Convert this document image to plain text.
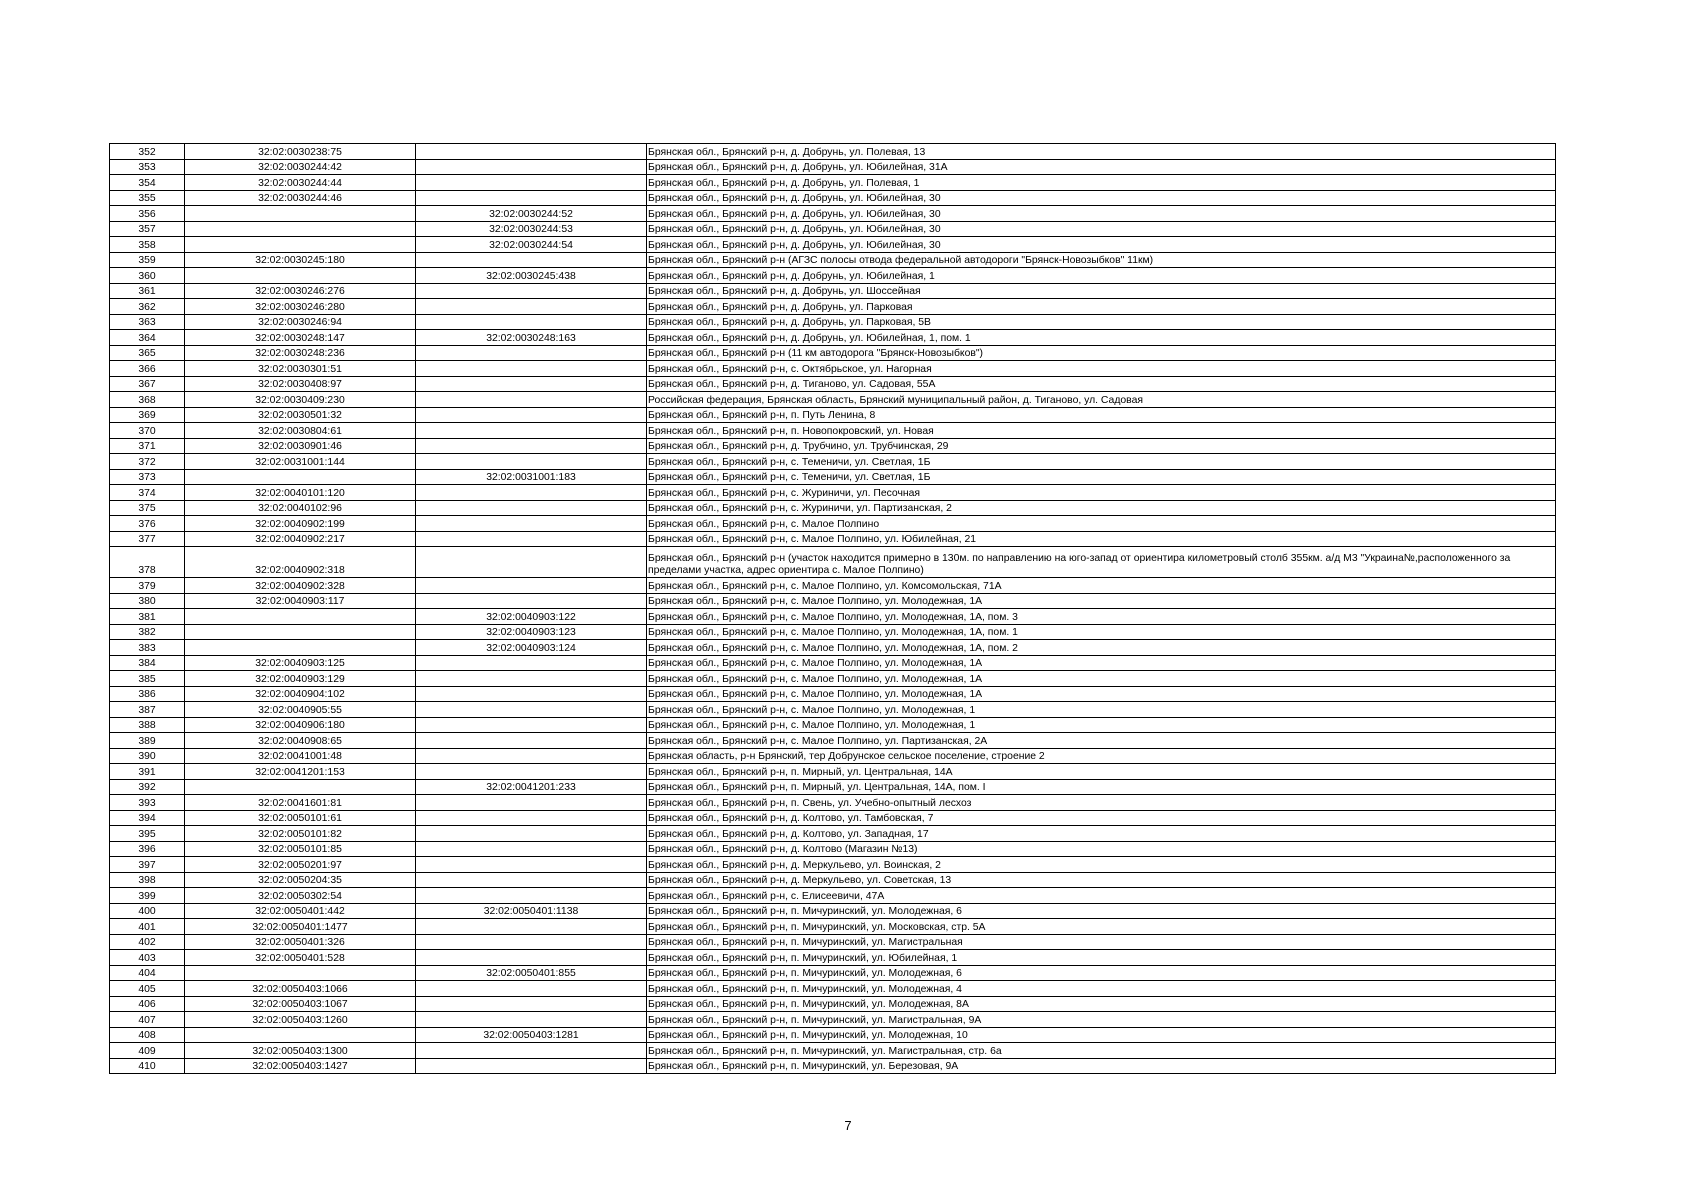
352	32:02:0030238:75		Брянская обл., Брянский р-н, д. Добрунь, ул. Полевая, 13
353	32:02:0030244:42		Брянская обл., Брянский р-н, д. Добрунь, ул. Юбилейная, 31А
354	32:02:0030244:44		Брянская обл., Брянский р-н, д. Добрунь, ул. Полевая, 1
355	32:02:0030244:46		Брянская обл., Брянский р-н, д. Добрунь, ул. Юбилейная, 30
356		32:02:0030244:52	Брянская обл., Брянский р-н, д. Добрунь, ул. Юбилейная, 30
357		32:02:0030244:53	Брянская обл., Брянский р-н, д. Добрунь, ул. Юбилейная, 30
358		32:02:0030244:54	Брянская обл., Брянский р-н, д. Добрунь, ул. Юбилейная, 30
359	32:02:0030245:180		Брянская обл., Брянский р-н (АГЗС полосы отвода федеральной автодороги "Брянск-Новозыбков" 11км)
360		32:02:0030245:438	Брянская обл., Брянский р-н, д. Добрунь, ул. Юбилейная, 1
361	32:02:0030246:276		Брянская обл., Брянский р-н, д. Добрунь, ул. Шоссейная
362	32:02:0030246:280		Брянская обл., Брянский р-н, д. Добрунь, ул. Парковая
363	32:02:0030246:94		Брянская обл., Брянский р-н, д. Добрунь, ул. Парковая, 5В
364	32:02:0030248:147	32:02:0030248:163	Брянская обл., Брянский р-н, д. Добрунь, ул. Юбилейная, 1, пом. 1
365	32:02:0030248:236		Брянская обл., Брянский р-н (11 км автодорога "Брянск-Новозыбков")
366	32:02:0030301:51		Брянская обл., Брянский р-н, с. Октябрьское, ул. Нагорная
367	32:02:0030408:97		Брянская обл., Брянский р-н, д. Тиганово, ул. Садовая, 55А
368	32:02:0030409:230		Российская федерация, Брянская область, Брянский муниципальный район, д. Тиганово, ул. Садовая
369	32:02:0030501:32		Брянская обл., Брянский р-н, п. Путь Ленина, 8
370	32:02:0030804:61		Брянская обл., Брянский р-н, п. Новопокровский, ул. Новая
371	32:02:0030901:46		Брянская обл., Брянский р-н, д. Трубчино, ул. Трубчинская, 29
372	32:02:0031001:144		Брянская обл., Брянский р-н, с. Теменичи, ул. Светлая, 1Б
373		32:02:0031001:183	Брянская обл., Брянский р-н, с. Теменичи, ул. Светлая, 1Б
374	32:02:0040101:120		Брянская обл., Брянский р-н, с. Журиничи, ул. Песочная
375	32:02:0040102:96		Брянская обл., Брянский р-н, с. Журиничи, ул. Партизанская, 2
376	32:02:0040902:199		Брянская обл., Брянский р-н, с. Малое Полпино
377	32:02:0040902:217		Брянская обл., Брянский р-н, с. Малое Полпино, ул. Юбилейная, 21
378	32:02:0040902:318		Брянская обл., Брянский р-н (участок находится примерно в 130м. по направлению на юго-запад от ориентира километровый столб 355км. а/д М3 "Украина№,расположенного за пределами участка, адрес ориентира с. Малое Полпино)
379	32:02:0040902:328		Брянская обл., Брянский р-н, с. Малое Полпино, ул. Комсомольская, 71А
380	32:02:0040903:117		Брянская обл., Брянский р-н, с. Малое Полпино, ул. Молодежная, 1А
381		32:02:0040903:122	Брянская обл., Брянский р-н, с. Малое Полпино, ул. Молодежная, 1А, пом. 3
382		32:02:0040903:123	Брянская обл., Брянский р-н, с. Малое Полпино, ул. Молодежная, 1А, пом. 1
383		32:02:0040903:124	Брянская обл., Брянский р-н, с. Малое Полпино, ул. Молодежная, 1А, пом. 2
384	32:02:0040903:125		Брянская обл., Брянский р-н, с. Малое Полпино, ул. Молодежная, 1А
385	32:02:0040903:129		Брянская обл., Брянский р-н, с. Малое Полпино, ул. Молодежная, 1А
386	32:02:0040904:102		Брянская обл., Брянский р-н, с. Малое Полпино, ул. Молодежная, 1А
387	32:02:0040905:55		Брянская обл., Брянский р-н, с. Малое Полпино, ул. Молодежная, 1
388	32:02:0040906:180		Брянская обл., Брянский р-н, с. Малое Полпино, ул. Молодежная, 1
389	32:02:0040908:65		Брянская обл., Брянский р-н, с. Малое Полпино, ул. Партизанская, 2А
390	32:02:0041001:48		Брянская область, р-н Брянский, тер Добрунское сельское поселение, строение 2
391	32:02:0041201:153		Брянская обл., Брянский р-н, п. Мирный, ул. Центральная, 14А
392		32:02:0041201:233	Брянская обл., Брянский р-н, п. Мирный, ул. Центральная, 14А, пом. I
393	32:02:0041601:81		Брянская обл., Брянский р-н, п. Свень, ул. Учебно-опытный лесхоз
394	32:02:0050101:61		Брянская обл., Брянский р-н, д. Колтово, ул. Тамбовская, 7
395	32:02:0050101:82		Брянская обл., Брянский р-н, д. Колтово, ул. Западная, 17
396	32:02:0050101:85		Брянская обл., Брянский р-н, д. Колтово (Магазин №13)
397	32:02:0050201:97		Брянская обл., Брянский р-н, д. Меркульево, ул. Воинская, 2
398	32:02:0050204:35		Брянская обл., Брянский р-н, д. Меркульево, ул. Советская, 13
399	32:02:0050302:54		Брянская обл., Брянский р-н, с. Елисеевичи, 47А
400	32:02:0050401:442	32:02:0050401:1138	Брянская обл., Брянский р-н, п. Мичуринский, ул. Молодежная, 6
401	32:02:0050401:1477		Брянская обл., Брянский р-н, п. Мичуринский, ул. Московская, стр. 5А
402	32:02:0050401:326		Брянская обл., Брянский р-н, п. Мичуринский, ул. Магистральная
403	32:02:0050401:528		Брянская обл., Брянский р-н, п. Мичуринский, ул. Юбилейная, 1
404		32:02:0050401:855	Брянская обл., Брянский р-н, п. Мичуринский, ул. Молодежная, 6
405	32:02:0050403:1066		Брянская обл., Брянский р-н, п. Мичуринский, ул. Молодежная, 4
406	32:02:0050403:1067		Брянская обл., Брянский р-н, п. Мичуринский, ул. Молодежная, 8А
407	32:02:0050403:1260		Брянская обл., Брянский р-н, п. Мичуринский, ул. Магистральная, 9А
408		32:02:0050403:1281	Брянская обл., Брянский р-н, п. Мичуринский, ул. Молодежная, 10
409	32:02:0050403:1300		Брянская обл., Брянский р-н, п. Мичуринский, ул. Магистральная, стр. 6а
410	32:02:0050403:1427		Брянская обл., Брянский р-н, п. Мичуринский, ул. Березовая, 9А
7
